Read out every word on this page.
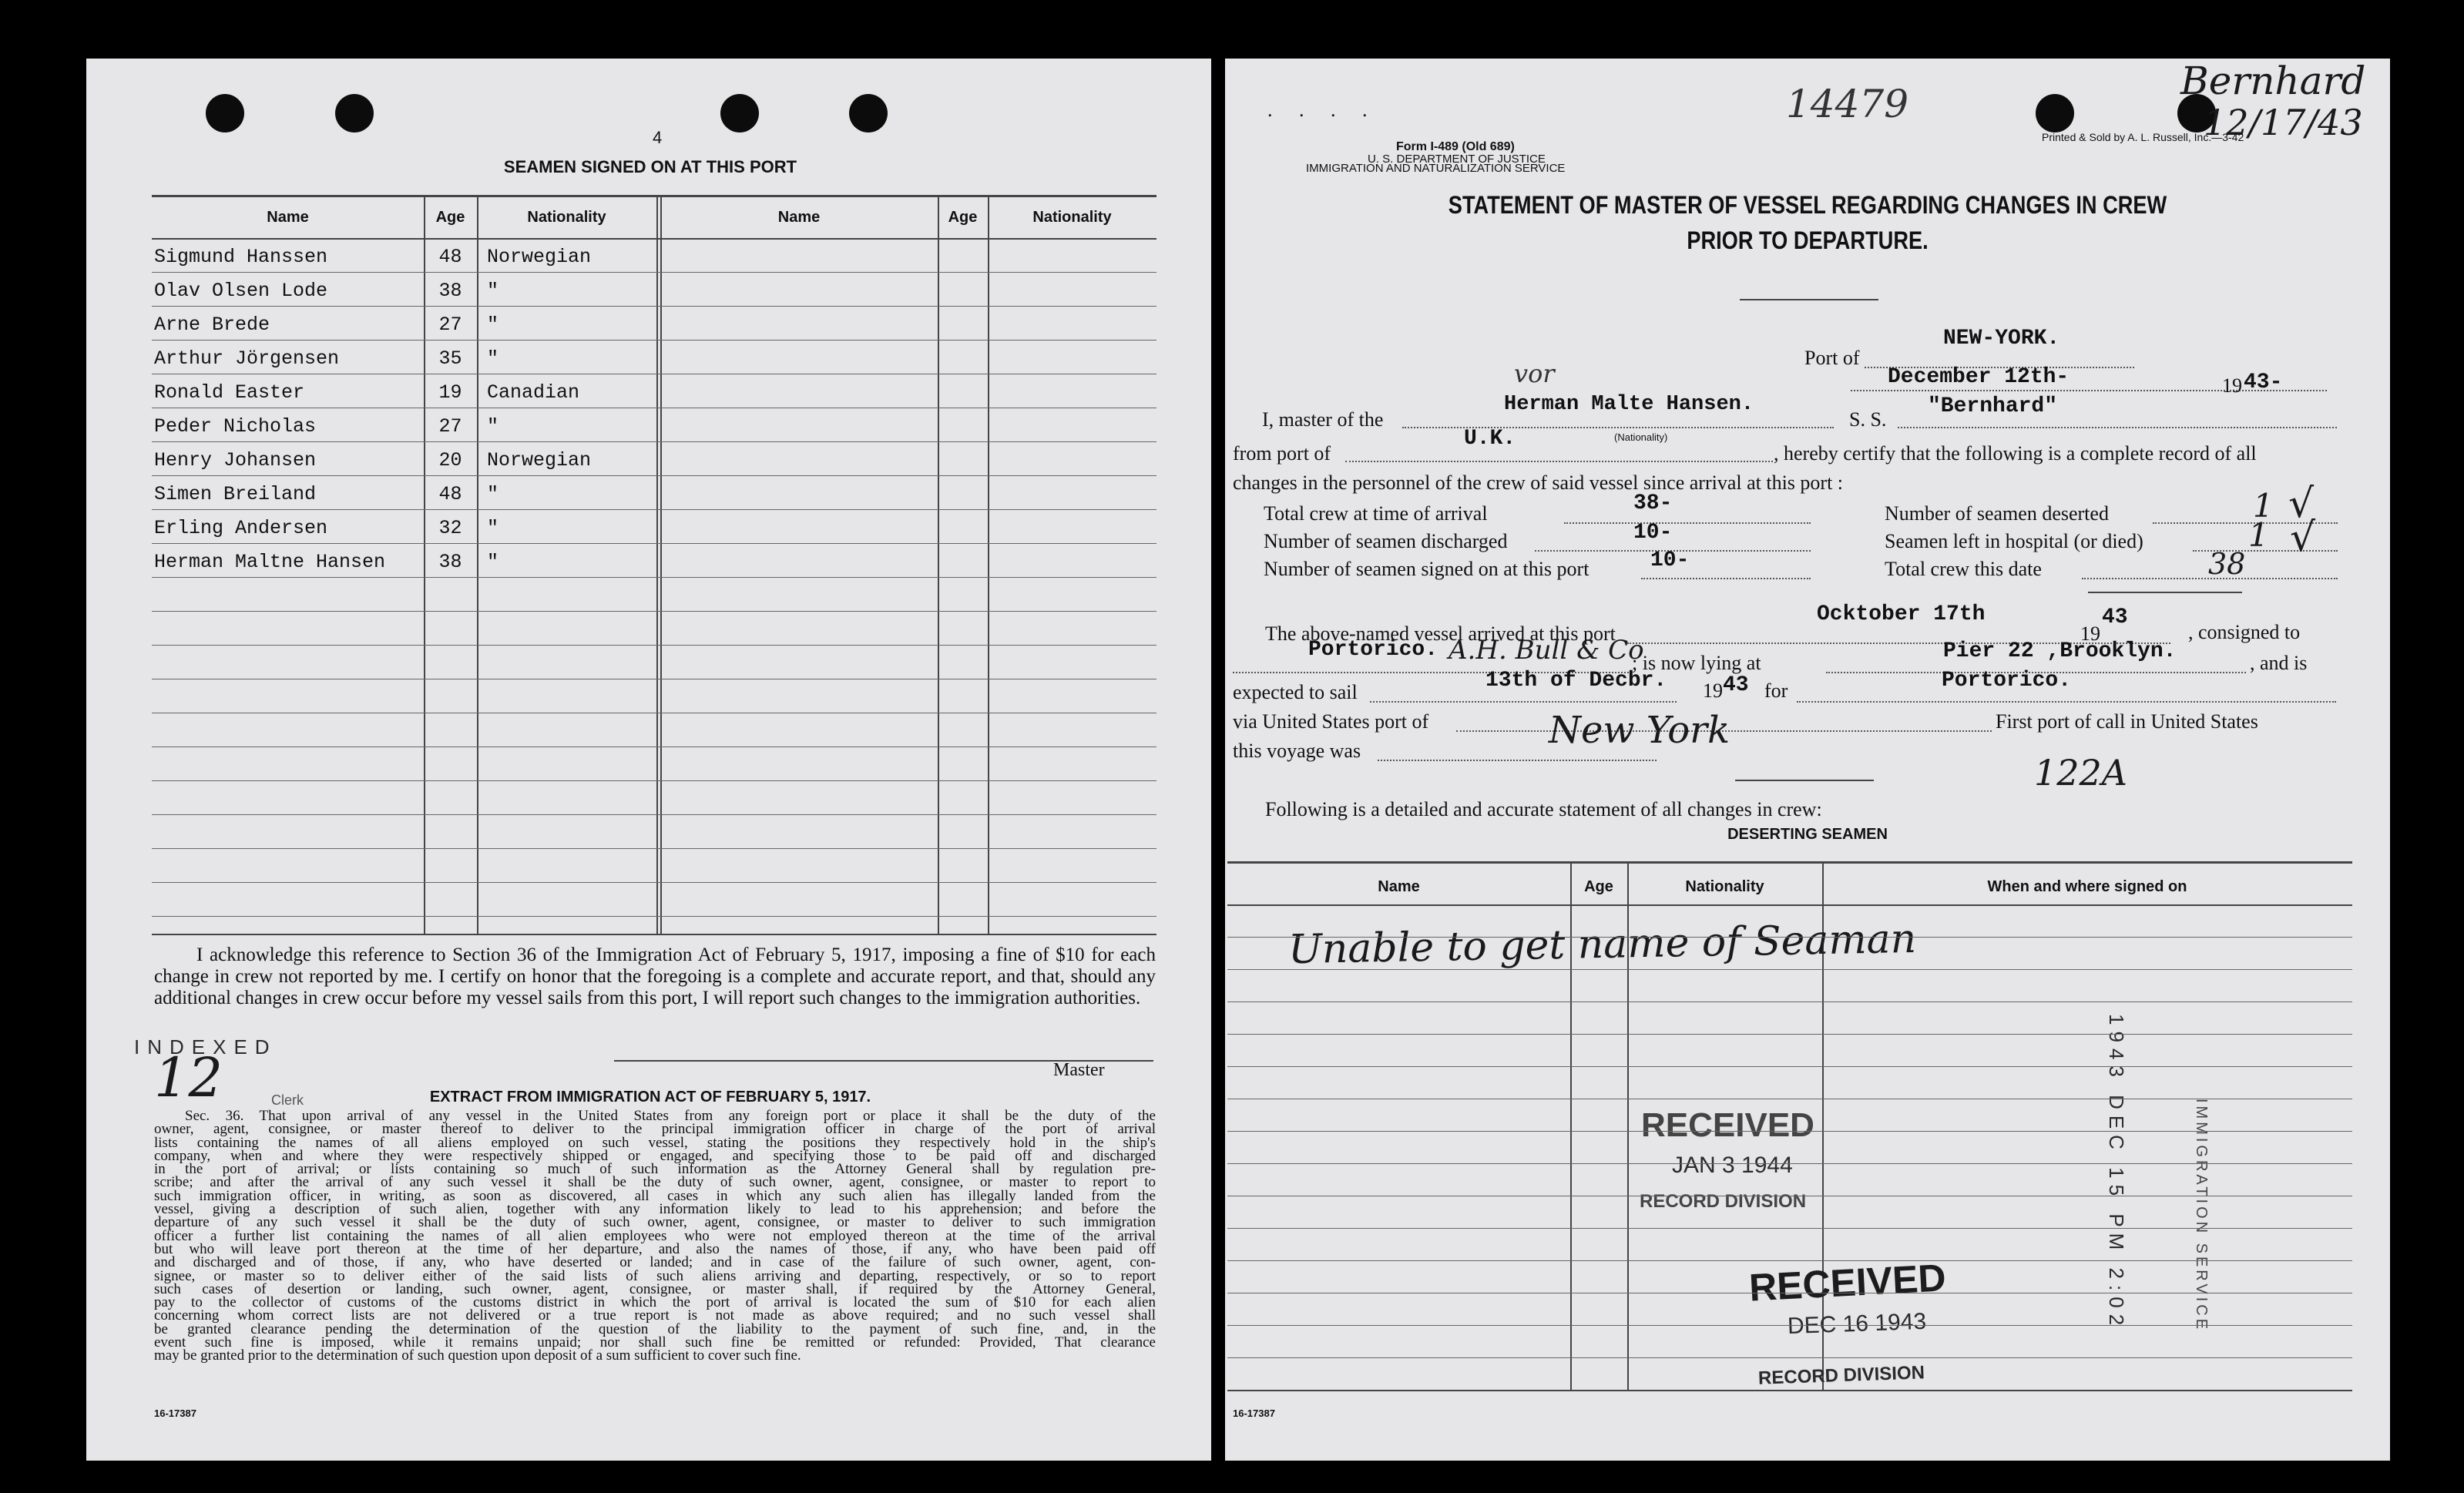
4
SEAMEN SIGNED ON AT THIS PORT
Name	Age	Nationality	Name	Age	Nationality
I acknowledge this reference to Section 36 of the Immigration Act of February 5, 1917, imposing a fine of $10 for each change in crew not reported by me. I certify on honor that the foregoing is a complete and accurate report, and that, should any additional changes in crew occur before my vessel sails from this port, I will report such changes to the immigration authorities.
INDEXED
12	Clerk
Master
EXTRACT FROM IMMIGRATION ACT OF FEBRUARY 5, 1917.
Sec. 36. That upon arrival of any vessel in the United States from any foreign port or place it shall be the duty of the
owner, agent, consignee, or master thereof to deliver to the principal immigration officer in charge of the port of arrival
lists containing the names of all aliens employed on such vessel, stating the positions they respectively hold in the ship's
company, when and where they were respectively shipped or engaged, and specifying those to be paid off and discharged
in the port of arrival; or lists containing so much of such information as the Attorney General shall by regulation pre-
scribe; and after the arrival of any such vessel it shall be the duty of such owner, agent, consignee, or master to report to
such immigration officer, in writing, as soon as discovered, all cases in which any such alien has illegally landed from the
vessel, giving a description of such alien, together with any information likely to lead to his apprehension; and before the
departure of any such vessel it shall be the duty of such owner, agent, consignee, or master to deliver to such immigration
officer a further list containing the names of all alien employees who were not employed thereon at the time of the arrival
but who will leave port thereon at the time of her departure, and also the names of those, if any, who have been paid off
and discharged and of those, if any, who have deserted or landed; and in case of the failure of such owner, agent, con-
signee, or master so to deliver either of the said lists of such aliens arriving and departing, respectively, or so to report
such cases of desertion or landing, such owner, agent, consignee, or master shall, if required by the Attorney General,
pay to the collector of customs of the customs district in which the port of arrival is located the sum of $10 for each alien
concerning whom correct lists are not delivered or a true report is not made as above required; and no such vessel shall
be granted clearance pending the determination of the question of the liability to the payment of such fine, and, in the
event such fine is imposed, while it remains unpaid; nor shall such fine be remitted or refunded: Provided, That clearance
may be granted prior to the determination of such question upon deposit of a sum sufficient to cover such fine.
16-17387
Sigmund Hanssen	48	Norwegian
Olav Olsen Lode	38	"
Arne Brede	27	"
Arthur Jörgensen	35	"
Ronald Easter	19	Canadian
Peder Nicholas	27	"
Henry Johansen	20	Norwegian
Simen Breiland	48	"
Erling Andersen	32	"
Herman Maltne Hansen	38	"
. . . .	14479
Bernhard
12/17/43
Form I-489 (Old 689)
U. S. DEPARTMENT OF JUSTICE
IMMIGRATION AND NATURALIZATION SERVICE
Printed & Sold by A. L. Russell, Inc.—3-42
STATEMENT OF MASTER OF VESSEL REGARDING CHANGES IN CREW
PRIOR TO DEPARTURE.
NEW-YORK.
Port of
December 12th-	19 43-
vor
I, master of the
Herman Malte Hansen.
S. S.
"Bernhard"
from port of
U.K.	(Nationality)
, hereby certify that the following is a complete record of all
changes in the personnel of the crew of said vessel since arrival at this port :
Total crew at time of arrival	38-	Number of seamen deserted	1 √
Number of seamen discharged	10-	Seamen left in hospital (or died)	1 √
Number of seamen signed on at this port	10-	Total crew this date	38
The above-named vessel arrived at this port
Ocktober 17th
19
43
, consigned to
Portorico. A.H. Bull & Co
; is now lying at	Pier 22 ,Brooklyn.	, and is
expected to sail	13th of Decbr. 19 43 for	Portorico.
via United States port of	New York	First port of call in United States
this voyage was
122A
Following is a detailed and accurate statement of all changes in crew:
DESERTING SEAMEN
Name	Age	Nationality	When and where signed on
Unable to get name of Seaman
RECEIVED
JAN 3 1944
RECORD DIVISION
RECEIVED
DEC 16 1943
RECORD DIVISION
1943 DEC 15 PM 2:02	IMMIGRATION SERVICE
16-17387
